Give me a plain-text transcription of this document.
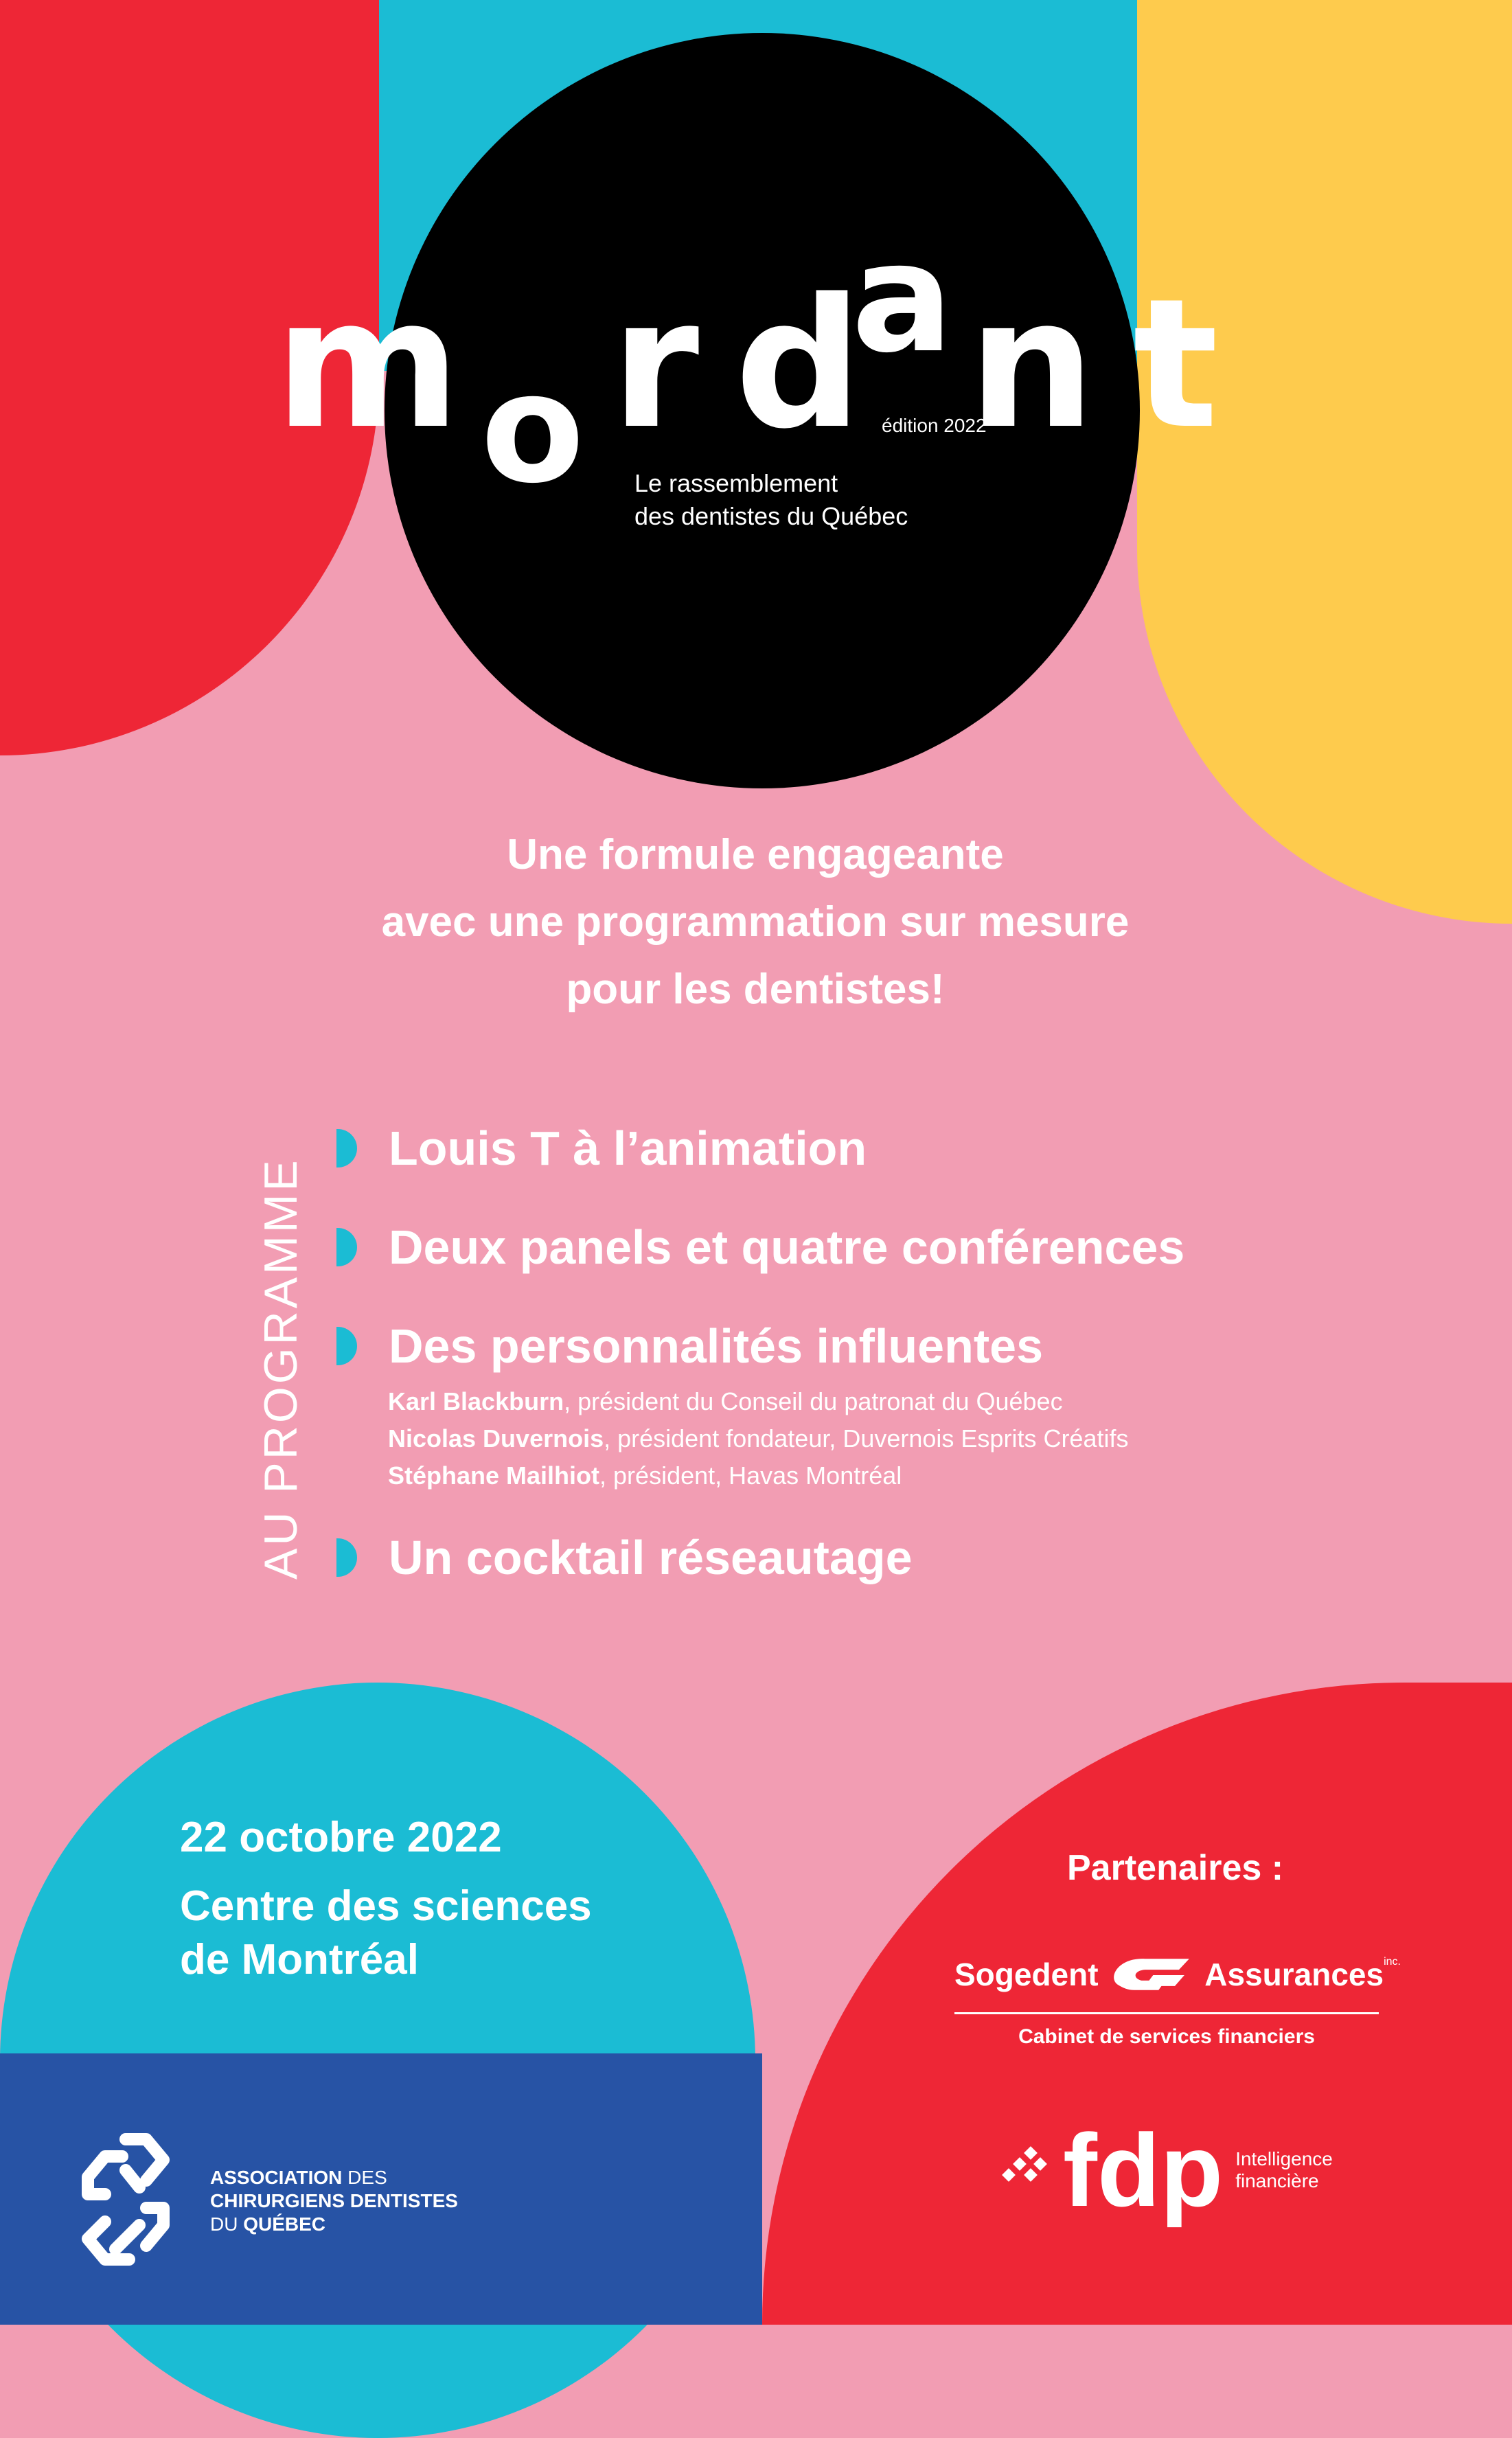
m o r d
a n t
édition 2022
Le rassemblement
des dentistes du Québec
Une formule engageante
avec une programmation sur mesure
pour les dentistes!
AU PROGRAMME
Louis T à l’animation
Deux panels et quatre conférences
Des personnalités influentes
Karl Blackburn, président du Conseil du patronat du Québec
Nicolas Duvernois, président fondateur, Duvernois Esprits Créatifs
Stéphane Mailhiot, président, Havas Montréal
Un cocktail réseautage
22 octobre 2022
Centre des sciences
de Montréal
Partenaires :
Sogedent	Assurances inc.
Cabinet de services financiers
fdp Intelligence
financière
ASSOCIATION DES
CHIRURGIENS DENTISTES
DU QUÉBEC
